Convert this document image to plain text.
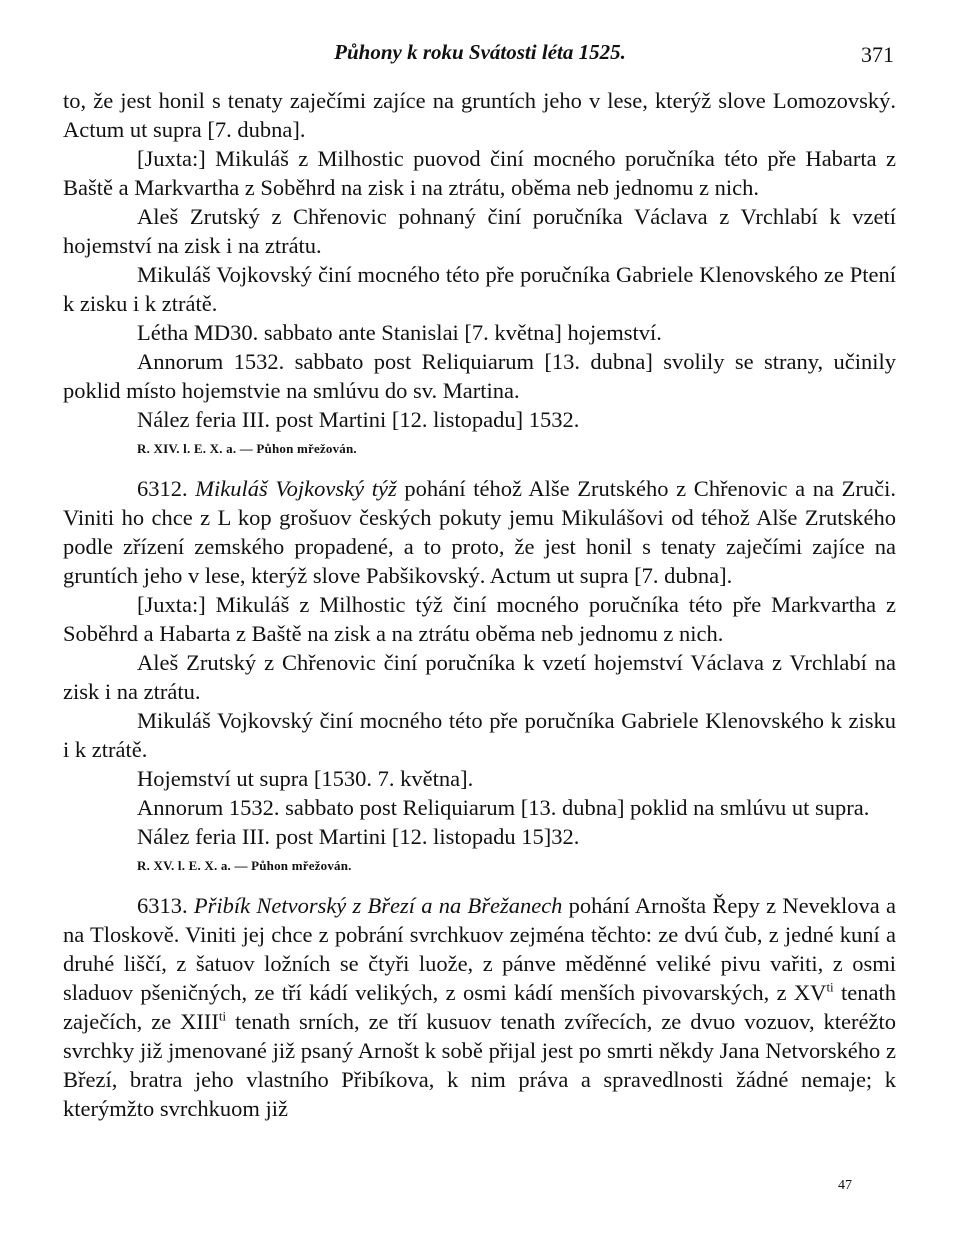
Půhony k roku Svátosti léta 1525.	371

to, že jest honil s tenaty zaječími zajíce na gruntích jeho v lese, kterýž slove Lomozovský. Actum ut supra [7. dubna].

[Juxta:] Mikuláš z Milhostic puovod činí mocného poručníka této pře Habarta z Baště a Markvartha z Soběhrd na zisk i na ztrátu, oběma neb jednomu z nich.

Aleš Zrutský z Chřenovic pohnaný činí poručníka Václava z Vrchlabí k vzetí hojemství na zisk i na ztrátu.

Mikuláš Vojkovský činí mocného této pře poručníka Gabriele Klenovského ze Ptení k zisku i k ztrátě.

Létha MD30. sabbato ante Stanislai [7. května] hojemství.

Annorum 1532. sabbato post Reliquiarum [13. dubna] svolily se strany, učinily poklid místo hojemstvie na smlúvu do sv. Martina.

Nález feria III. post Martini [12. listopadu] 1532.

R. XIV. l. E. X. a. — Půhon mřežován.

6312. Mikuláš Vojkovský týž pohání téhož Alše Zrutského z Chřenovic a na Zruči. Viniti ho chce z L kop grošuov českých pokuty jemu Mikulášovi od téhož Alše Zrutského podle zřízení zemského propadené, a to proto, že jest honil s tenaty zaječími zajíce na gruntích jeho v lese, kterýž slove Pabšikovský. Actum ut supra [7. dubna].

[Juxta:] Mikuláš z Milhostic týž činí mocného poručníka této pře Markvartha z Soběhrd a Habarta z Baště na zisk a na ztrátu oběma neb jednomu z nich.

Aleš Zrutský z Chřenovic činí poručníka k vzetí hojemství Václava z Vrchlabí na zisk i na ztrátu.

Mikuláš Vojkovský činí mocného této pře poručníka Gabriele Klenovského k zisku i k ztrátě.

Hojemství ut supra [1530. 7. května].

Annorum 1532. sabbato post Reliquiarum [13. dubna] poklid na smlúvu ut supra.

Nález feria III. post Martini [12. listopadu 15]32.

R. XV. l. E. X. a. — Půhon mřežován.

6313. Přibík Netvorský z Březí a na Břežanech pohání Arnošta Řepy z Neveklova a na Tloskově. Viniti jej chce z pobrání svrchkuov zejména těchto: ze dvú čub, z jedné kuní a druhé liščí, z šatuov ložních se čtyři luože, z pánve měděnné veliké pivu vařiti, z osmi sladuov pšeničných, ze tří kádí velikých, z osmi kádí menších pivovarských, z $XV^{ti}$ tenath zaječích, ze $XIII^{ti}$ tenath srních, ze tří kusuov tenath zvířecích, ze dvuo vozuov, kteréžto svrchky již jmenované již psaný Arnošt k sobě přijal jest po smrti někdy Jana Netvorského z Březí, bratra jeho vlastního Přibíkova, k nim práva a spravedlnosti žádné nemaje; k kterýmžto svrchkuom již

47
